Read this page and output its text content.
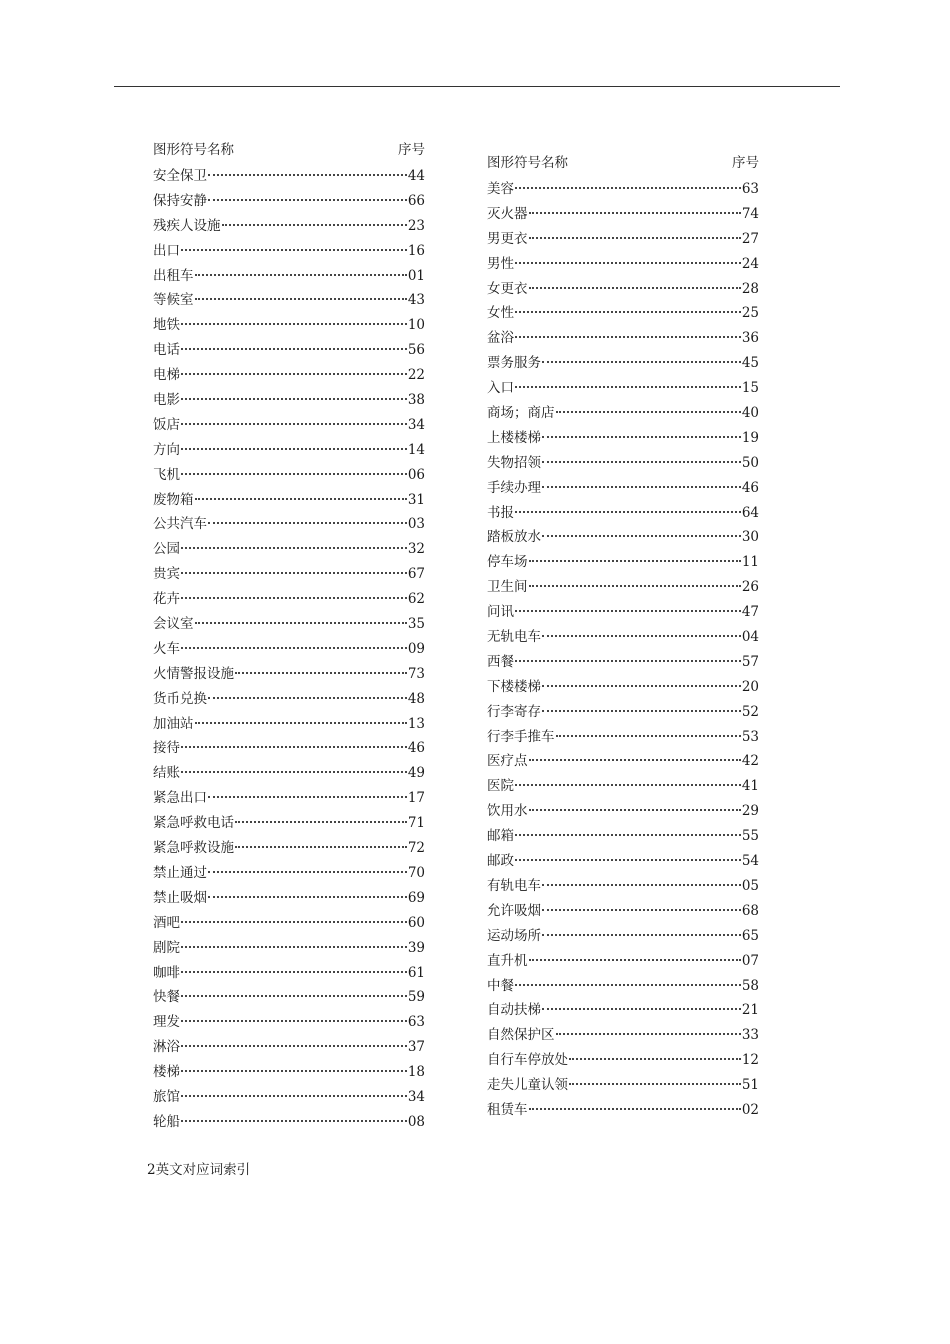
图形符号名称	序号
安全保卫	44
保持安静	66
残疾人设施	23
出口	16
出租车	01
等候室	43
地铁	10
电话	56
电梯	22
电影	38
饭店	34
方向	14
飞机	06
废物箱	31
公共汽车	03
公园	32
贵宾	67
花卉	62
会议室	35
火车	09
火情警报设施	73
货币兑换	48
加油站	13
接待	46
结账	49
紧急出口	17
紧急呼救电话	71
紧急呼救设施	72
禁止通过	70
禁止吸烟	69
酒吧	60
剧院	39
咖啡	61
快餐	59
理发	63
淋浴	37
楼梯	18
旅馆	34
轮船	08
图形符号名称	序号
美容	63
灭火器	74
男更衣	27
男性	24
女更衣	28
女性	25
盆浴	36
票务服务	45
入口	15
商场；商店	40
上楼楼梯	19
失物招领	50
手续办理	46
书报	64
踏板放水	30
停车场	11
卫生间	26
问讯	47
无轨电车	04
西餐	57
下楼楼梯	20
行李寄存	52
行李手推车	53
医疗点	42
医院	41
饮用水	29
邮箱	55
邮政	54
有轨电车	05
允许吸烟	68
运动场所	65
直升机	07
中餐	58
自动扶梯	21
自然保护区	33
自行车停放处	12
走失儿童认领	51
租赁车	02
2英文对应词索引
